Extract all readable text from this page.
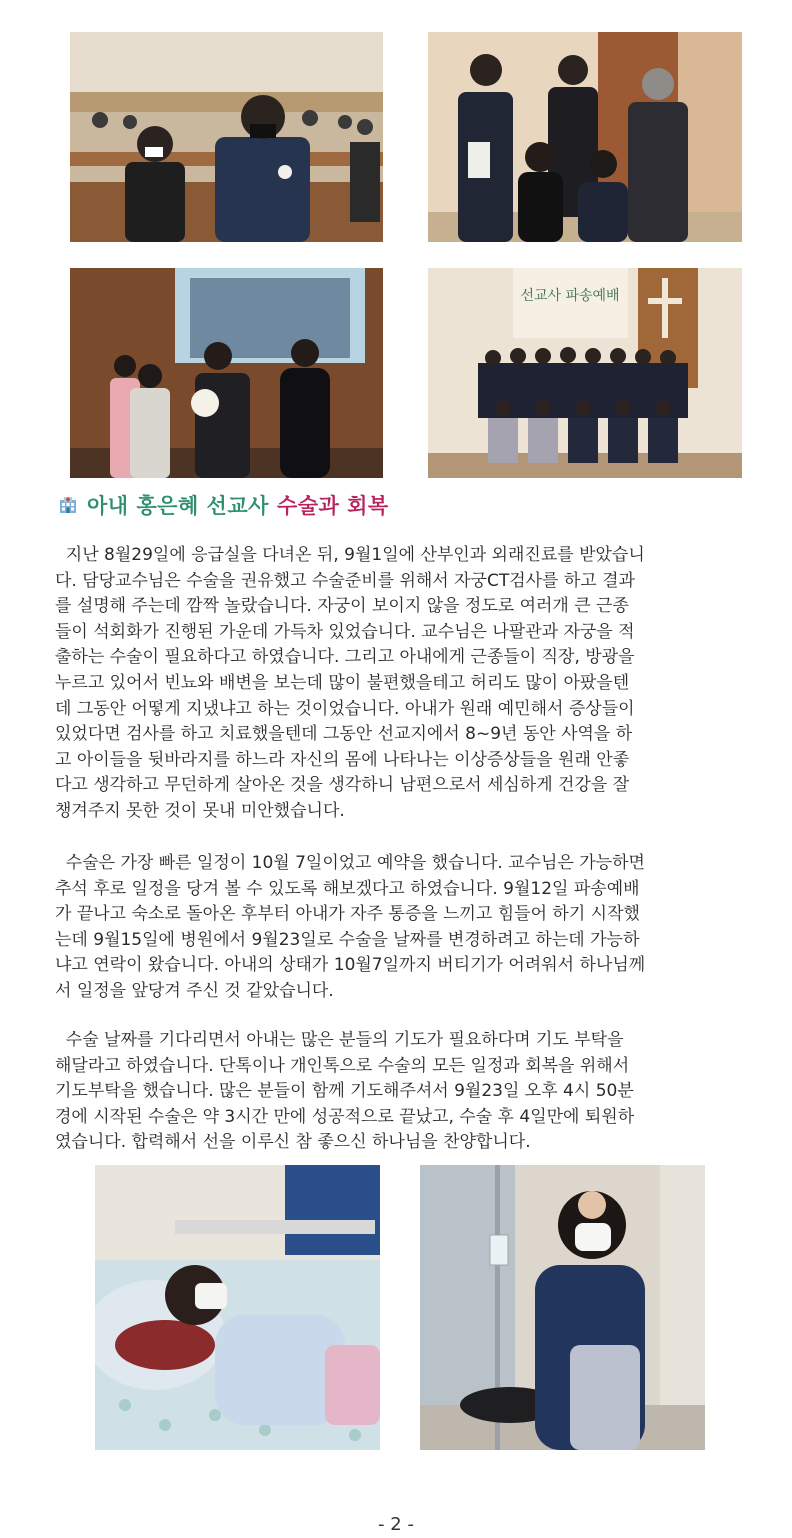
선교사 파송예배
아내 홍은혜 선교사 수술과 회복

지난 8월29일에 응급실을 다녀온 뒤, 9월1일에 산부인과 외래진료를 받았습니
다. 담당교수님은 수술을 권유했고 수술준비를 위해서 자궁CT검사를 하고 결과
를 설명해 주는데 깜짝 놀랐습니다. 자궁이 보이지 않을 정도로 여러개 큰 근종
들이 석회화가 진행된 가운데 가득차 있었습니다. 교수님은 나팔관과 자궁을 적
출하는 수술이 필요하다고 하였습니다. 그리고 아내에게 근종들이 직장, 방광을
누르고 있어서 빈뇨와 배변을 보는데 많이 불편했을테고 허리도 많이 아팠을텐
데 그동안 어떻게 지냈냐고 하는 것이었습니다. 아내가 원래 예민해서 증상들이
있었다면 검사를 하고 치료했을텐데 그동안 선교지에서 8~9년 동안 사역을 하
고 아이들을 뒷바라지를 하느라 자신의 몸에 나타나는 이상증상들을 원래 안좋
다고 생각하고 무던하게 살아온 것을 생각하니 남편으로서 세심하게 건강을 잘
챙겨주지 못한 것이 못내 미안했습니다.

수술은 가장 빠른 일정이 10월 7일이었고 예약을 했습니다. 교수님은 가능하면
추석 후로 일정을 당겨 볼 수 있도록 해보겠다고 하였습니다. 9월12일 파송예배
가 끝나고 숙소로 돌아온 후부터 아내가 자주 통증을 느끼고 힘들어 하기 시작했
는데 9월15일에 병원에서 9월23일로 수술을 날짜를 변경하려고 하는데 가능하
냐고 연락이 왔습니다. 아내의 상태가 10월7일까지 버티기가 어려워서 하나님께
서 일정을 앞당겨 주신 것 같았습니다.

수술 날짜를 기다리면서 아내는 많은 분들의 기도가 필요하다며 기도 부탁을
해달라고 하였습니다. 단톡이나 개인톡으로 수술의 모든 일정과 회복을 위해서
기도부탁을 했습니다. 많은 분들이 함께 기도해주셔서 9월23일 오후 4시 50분
경에 시작된 수술은 약 3시간 만에 성공적으로 끝났고, 수술 후 4일만에 퇴원하
였습니다. 합력해서 선을 이루신 참 좋으신 하나님을 찬양합니다.

- 2 -
